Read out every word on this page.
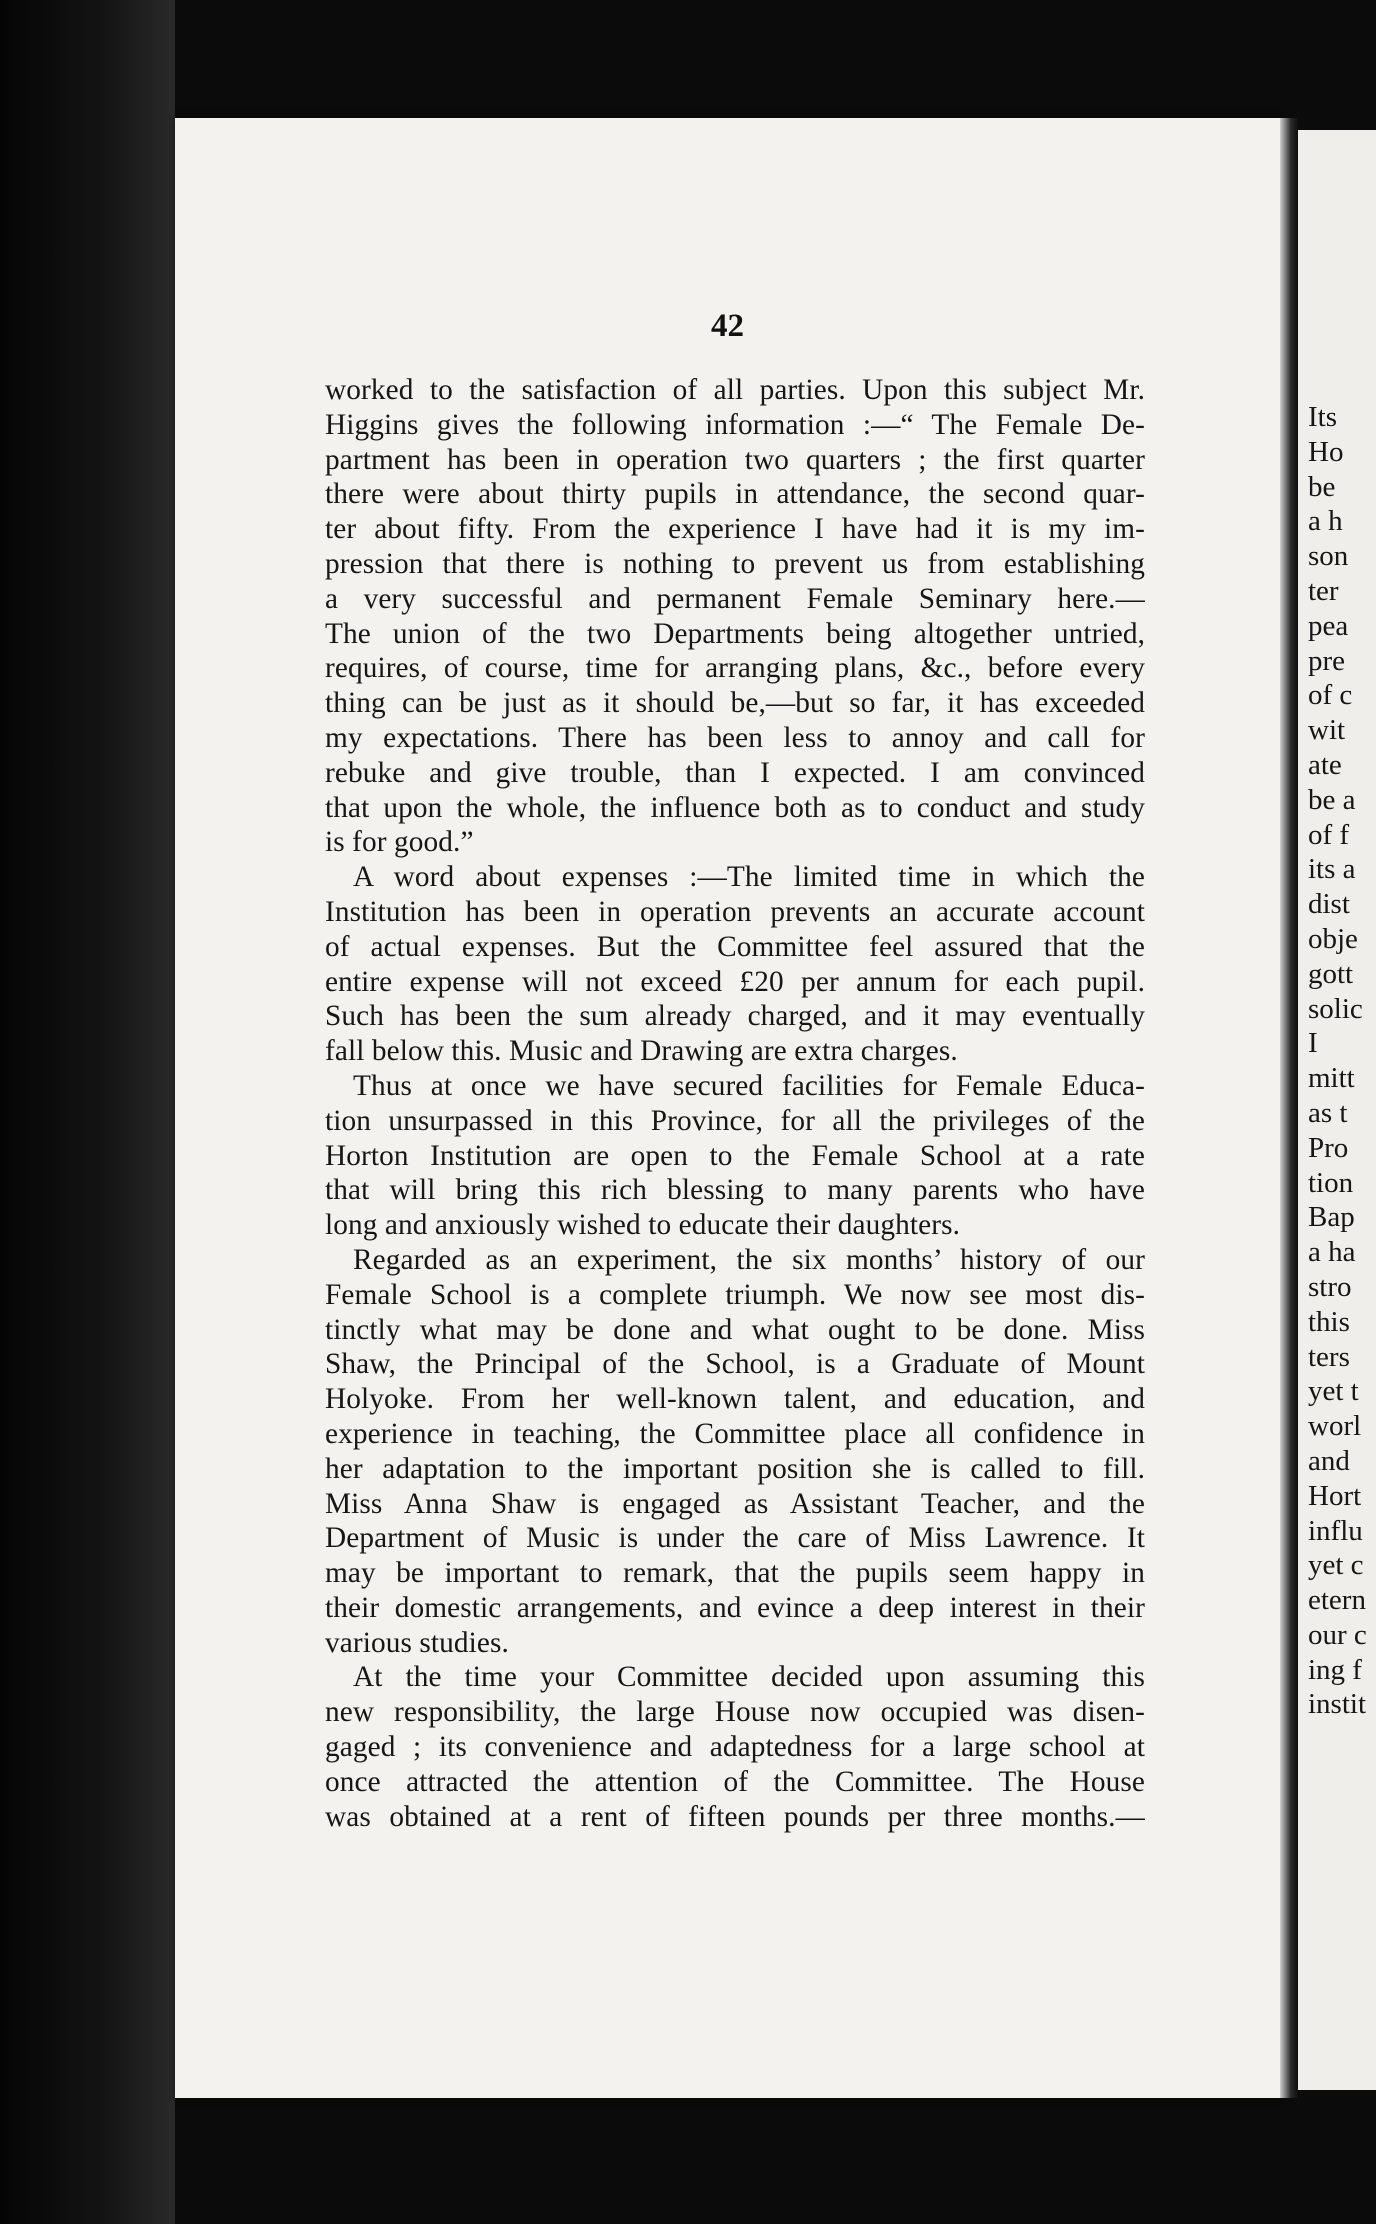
42
worked to the satisfaction of all parties. Upon this subject Mr.
Higgins gives the following information :—“ The Female De-
partment has been in operation two quarters ; the first quarter
there were about thirty pupils in attendance, the second quar-
ter about fifty. From the experience I have had it is my im-
pression that there is nothing to prevent us from establishing
a very successful and permanent Female Seminary here.—
The union of the two Departments being altogether untried,
requires, of course, time for arranging plans, &c., before every
thing can be just as it should be,—but so far, it has exceeded
my expectations. There has been less to annoy and call for
rebuke and give trouble, than I expected. I am convinced
that upon the whole, the influence both as to conduct and study
is for good.”
A word about expenses :—The limited time in which the
Institution has been in operation prevents an accurate account
of actual expenses. But the Committee feel assured that the
entire expense will not exceed £20 per annum for each pupil.
Such has been the sum already charged, and it may eventually
fall below this. Music and Drawing are extra charges.
Thus at once we have secured facilities for Female Educa-
tion unsurpassed in this Province, for all the privileges of the
Horton Institution are open to the Female School at a rate
that will bring this rich blessing to many parents who have
long and anxiously wished to educate their daughters.
Regarded as an experiment, the six months’ history of our
Female School is a complete triumph. We now see most dis-
tinctly what may be done and what ought to be done. Miss
Shaw, the Principal of the School, is a Graduate of Mount
Holyoke. From her well-known talent, and education, and
experience in teaching, the Committee place all confidence in
her adaptation to the important position she is called to fill.
Miss Anna Shaw is engaged as Assistant Teacher, and the
Department of Music is under the care of Miss Lawrence. It
may be important to remark, that the pupils seem happy in
their domestic arrangements, and evince a deep interest in their
various studies.
At the time your Committee decided upon assuming this
new responsibility, the large House now occupied was disen-
gaged ; its convenience and adaptedness for a large school at
once attracted the attention of the Committee. The House
was obtained at a rent of fifteen pounds per three months.—
Its
Ho
be
a h
son
ter
pea
pre
of c
wit
ate
be a
of f
its a
dist
obje
gott
solic
I
mitt
as t
Pro
tion
Bap
a ha
stro
this
ters
yet t
worl
and
Hort
influ
yet c
etern
our c
ing f
instit
